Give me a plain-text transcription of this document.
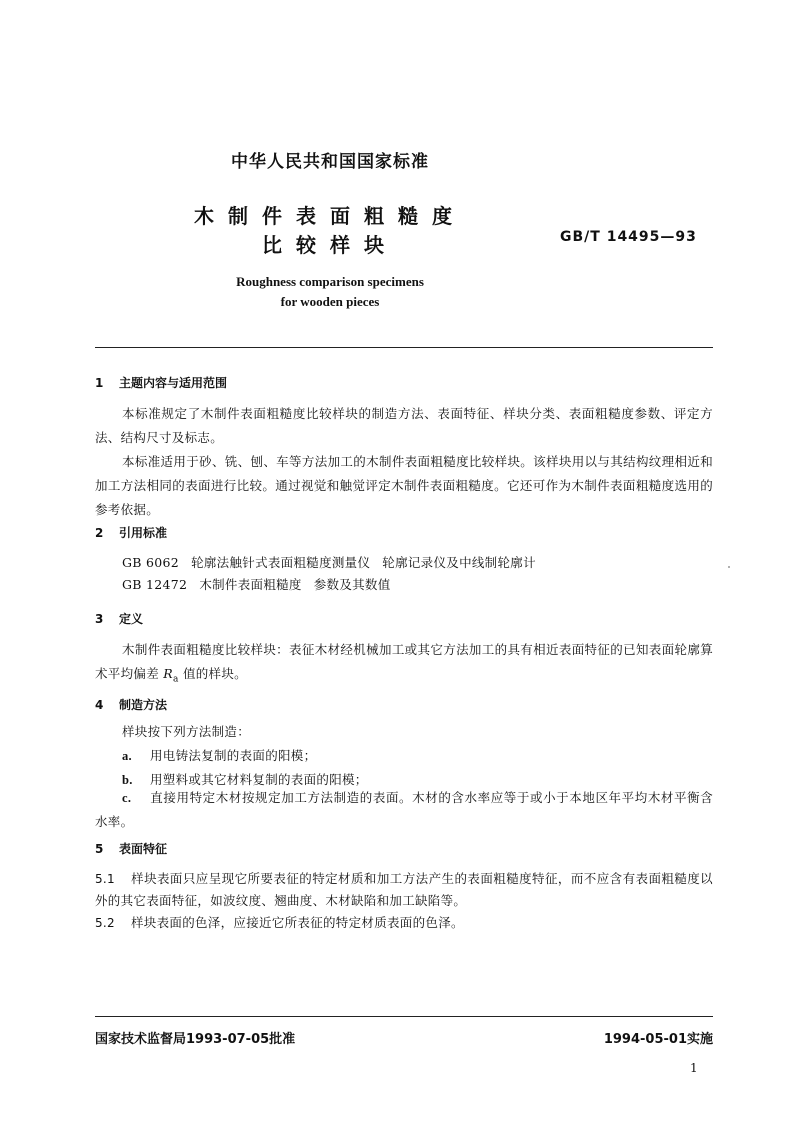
中华人民共和国国家标准
木制件表面粗糙度
比较样块	GB/T 14495—93
Roughness comparison specimens
for wooden pieces
1 主题内容与适用范围
本标准规定了木制件表面粗糙度比较样块的制造方法、表面特征、样块分类、表面粗糙度参数、评定方法、结构尺寸及标志。
本标准适用于砂、铣、刨、车等方法加工的木制件表面粗糙度比较样块。该样块用以与其结构纹理相近和加工方法相同的表面进行比较。通过视觉和触觉评定木制件表面粗糙度。它还可作为木制件表面粗糙度选用的参考依据。
2 引用标准
GB 6062 轮廓法触针式表面粗糙度测量仪 轮廓记录仪及中线制轮廓计
GB 12472 木制件表面粗糙度 参数及其数值
3 定义
木制件表面粗糙度比较样块：表征木材经机械加工或其它方法加工的具有相近表面特征的已知表面轮廓算术平均偏差 $R_a$ 值的样块。
4 制造方法
样块按下列方法制造：
a. 用电铸法复制的表面的阳模；
b. 用塑料或其它材料复制的表面的阳模；
c. 直接用特定木材按规定加工方法制造的表面。木材的含水率应等于或小于本地区年平均木材平衡含水率。
5 表面特征
5.1 样块表面只应呈现它所要表征的特定材质和加工方法产生的表面粗糙度特征，而不应含有表面粗糙度以外的其它表面特征，如波纹度、翘曲度、木材缺陷和加工缺陷等。
5.2 样块表面的色泽，应接近它所表征的特定材质表面的色泽。
国家技术监督局1993-07-05批准	1994-05-01实施
1
